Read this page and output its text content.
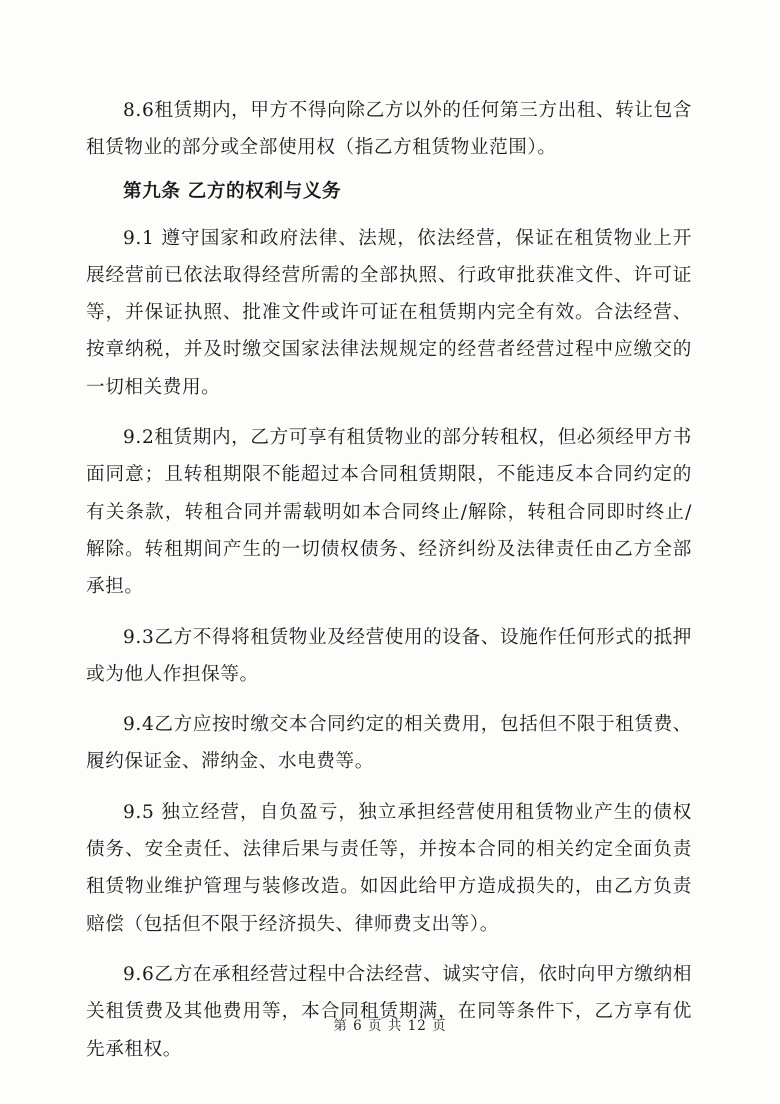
8.6租赁期内，甲方不得向除乙方以外的任何第三方出租、转让包含租赁物业的部分或全部使用权（指乙方租赁物业范围）。

第九条 乙方的权利与义务

9.1 遵守国家和政府法律、法规，依法经营，保证在租赁物业上开展经营前已依法取得经营所需的全部执照、行政审批获准文件、许可证等，并保证执照、批准文件或许可证在租赁期内完全有效。合法经营、按章纳税，并及时缴交国家法律法规规定的经营者经营过程中应缴交的一切相关费用。

9.2租赁期内，乙方可享有租赁物业的部分转租权，但必须经甲方书面同意；且转租期限不能超过本合同租赁期限，不能违反本合同约定的有关条款，转租合同并需载明如本合同终止/解除，转租合同即时终止/解除。转租期间产生的一切债权债务、经济纠纷及法律责任由乙方全部承担。

9.3乙方不得将租赁物业及经营使用的设备、设施作任何形式的抵押或为他人作担保等。

9.4乙方应按时缴交本合同约定的相关费用，包括但不限于租赁费、履约保证金、滞纳金、水电费等。

9.5 独立经营，自负盈亏，独立承担经营使用租赁物业产生的债权债务、安全责任、法律后果与责任等，并按本合同的相关约定全面负责租赁物业维护管理与装修改造。如因此给甲方造成损失的，由乙方负责赔偿（包括但不限于经济损失、律师费支出等）。

9.6乙方在承租经营过程中合法经营、诚实守信，依时向甲方缴纳相关租赁费及其他费用等，本合同租赁期满，在同等条件下，乙方享有优先承租权。

第 6 页 共 12 页
